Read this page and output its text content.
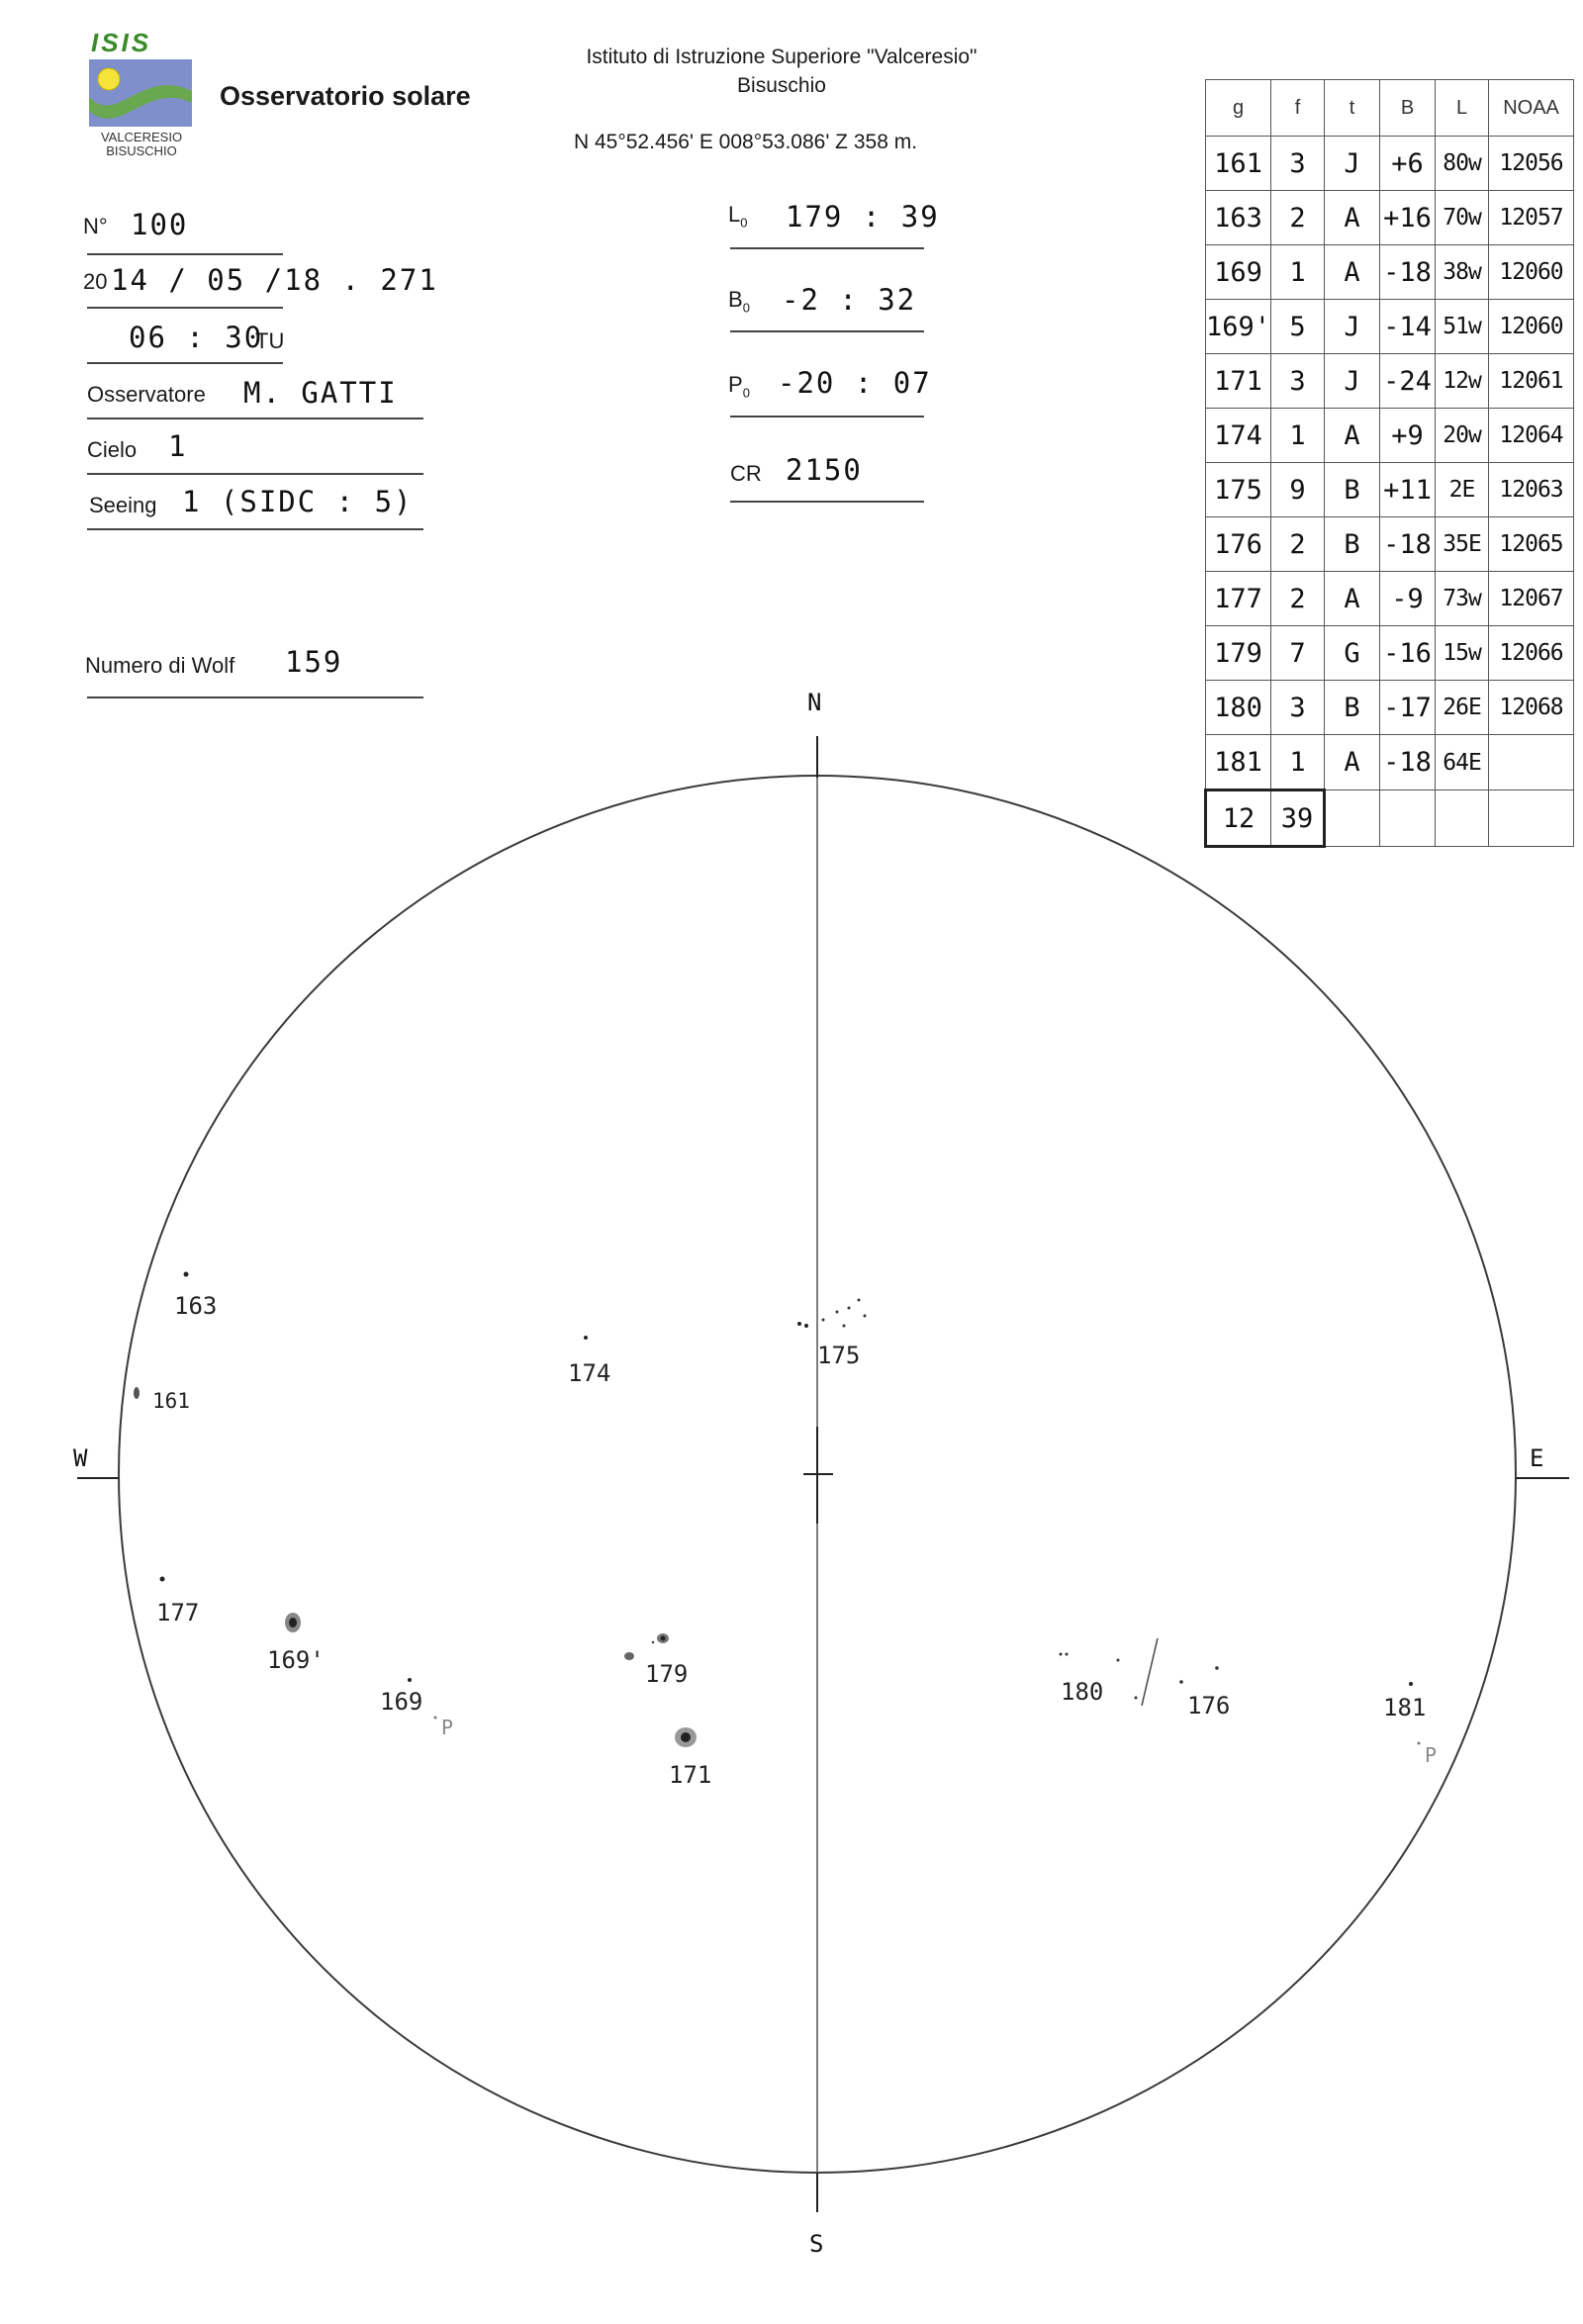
ISIS
VALCERESIO
BISUSCHIO
Osservatorio solare
Istituto di Istruzione Superiore "Valceresio"
Bisuschio
N 45°52.456' E 008°53.086' Z 358 m.
N° 100
20 14 / 05 /18 . 271
06 : 30
TU
Osservatore M. GATTI
Cielo 1
Seeing 1 (SIDC : 5)
Numero di Wolf 159
$L_0$ 179 : 39
$B_0$ -2 : 32
$P_0$ -20 : 07
CR 2150
g	f	t	B	L	NOAA
161	3	J	+6	80w	12056
163	2	A	+16	70w	12057
169	1	A	-18	38w	12060
169'	5	J	-14	51w	12060
171	3	J	-24	12w	12061
174	1	A	+9	20w	12064
175	9	B	+11	2E	12063
176	2	B	-18	35E	12065
177	2	A	-9	73w	12067
179	7	G	-16	15w	12066
180	3	B	-17	26E	12068
181	1	A	-18	64E	
12	39				
N
S
W	E
163
161
174
175
177
169'
169
179
171
180	176	181
P
P
